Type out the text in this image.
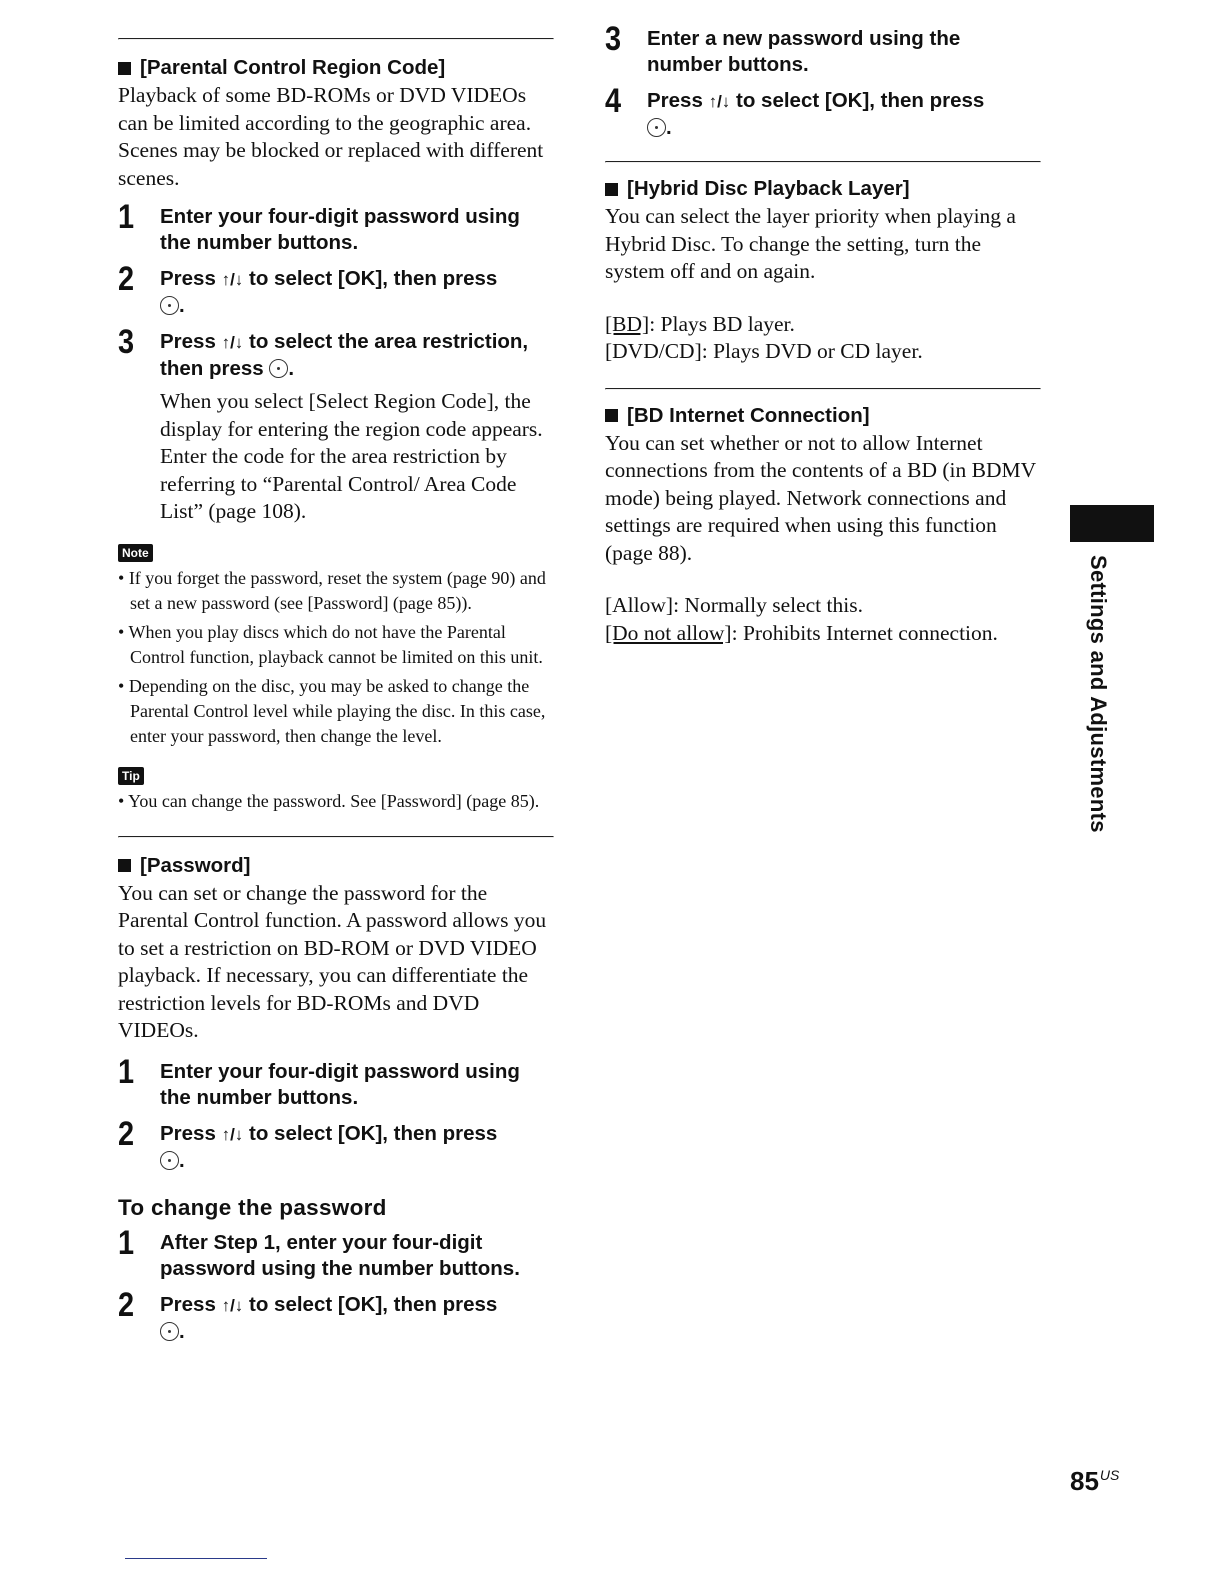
[Parental Control Region Code]

Playback of some BD-ROMs or DVD VIDEOs can be limited according to the geographic area. Scenes may be blocked or replaced with different scenes.

1	Enter your four-digit password using the number buttons.
2	Press ↑/↓ to select [OK], then press
.
3	Press ↑/↓ to select the area restriction, then press .

When you select [Select Region Code], the display for entering the region code appears. Enter the code for the area restriction by referring to “Parental Control/ Area Code List” (page 108).

Note
• If you forget the password, reset the system (page 90) and set a new password (see [Password] (page 85)).
• When you play discs which do not have the Parental Control function, playback cannot be limited on this unit.
• Depending on the disc, you may be asked to change the Parental Control level while playing the disc. In this case, enter your password, then change the level.
Tip
• You can change the password. See [Password] (page 85).
[Password]

You can set or change the password for the Parental Control function. A password allows you to set a restriction on BD-ROM or DVD VIDEO playback. If necessary, you can differentiate the restriction levels for BD-ROMs and DVD VIDEOs.

1	Enter your four-digit password using the number buttons.
2	Press ↑/↓ to select [OK], then press
.
To change the password
1	After Step 1, enter your four-digit password using the number buttons.
2	Press ↑/↓ to select [OK], then press
.
3	Enter a new password using the number buttons.
4	Press ↑/↓ to select [OK], then press
.
[Hybrid Disc Playback Layer]

You can select the layer priority when playing a Hybrid Disc. To change the setting, turn the system off and on again.

[BD]: Plays BD layer.

[DVD/CD]: Plays DVD or CD layer.

[BD Internet Connection]

You can set whether or not to allow Internet connections from the contents of a BD (in BDMV mode) being played. Network connections and settings are required when using this function (page 88).

[Allow]: Normally select this.

[Do not allow]: Prohibits Internet connection.	Settings and Adjustments
$85^{US}$
